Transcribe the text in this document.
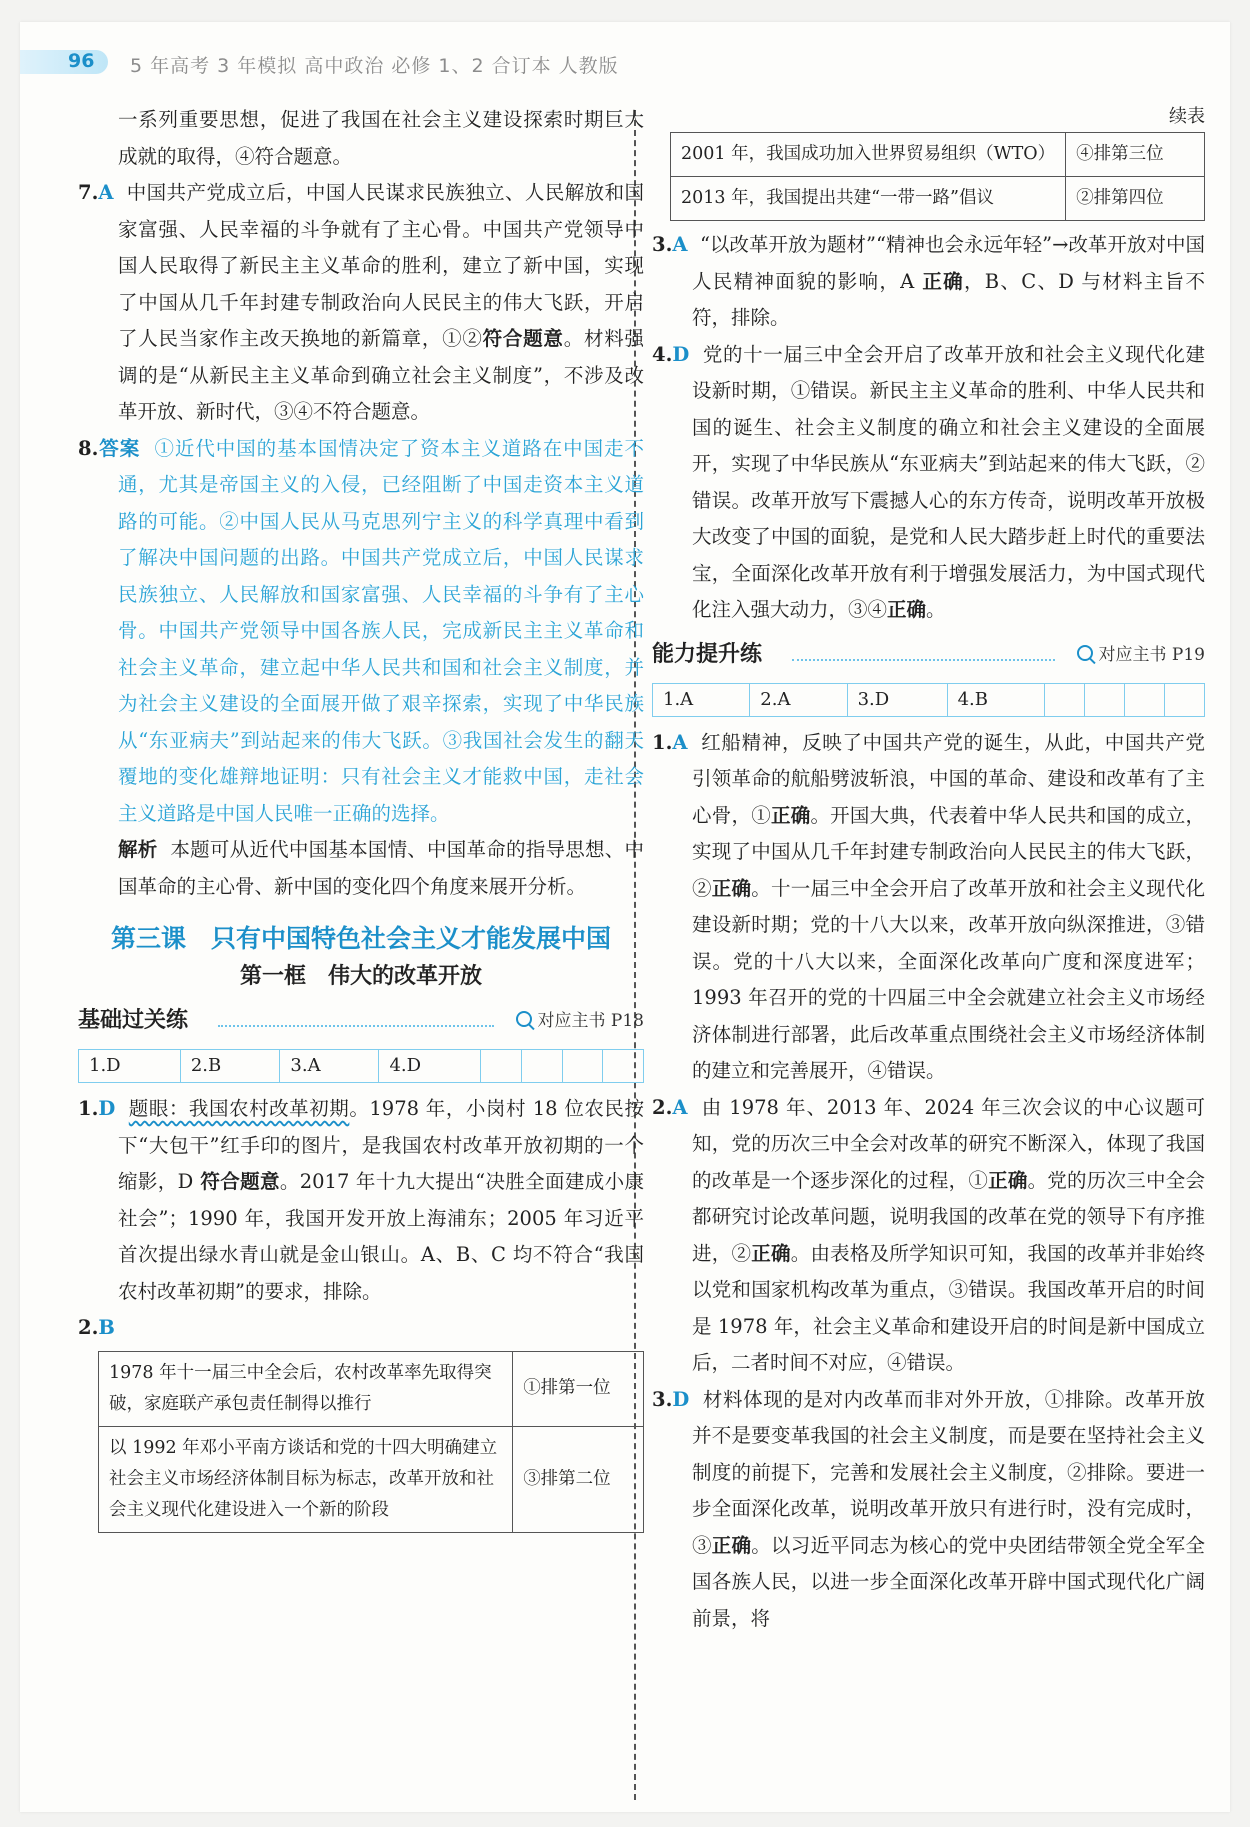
96 5 年高考 3 年模拟 高中政治 必修 1、2 合订本 人教版

一系列重要思想，促进了我国在社会主义建设探索时期巨大成就的取得，④符合题意。

7.A 中国共产党成立后，中国人民谋求民族独立、人民解放和国家富强、人民幸福的斗争就有了主心骨。中国共产党领导中国人民取得了新民主主义革命的胜利，建立了新中国，实现了中国从几千年封建专制政治向人民民主的伟大飞跃，开启了人民当家作主改天换地的新篇章，①②符合题意。材料强调的是“从新民主主义革命到确立社会主义制度”，不涉及改革开放、新时代，③④不符合题意。

8.答案 ①近代中国的基本国情决定了资本主义道路在中国走不通，尤其是帝国主义的入侵，已经阻断了中国走资本主义道路的可能。②中国人民从马克思列宁主义的科学真理中看到了解决中国问题的出路。中国共产党成立后，中国人民谋求民族独立、人民解放和国家富强、人民幸福的斗争有了主心骨。中国共产党领导中国各族人民，完成新民主主义革命和社会主义革命，建立起中华人民共和国和社会主义制度，并为社会主义建设的全面展开做了艰辛探索，实现了中华民族从“东亚病夫”到站起来的伟大飞跃。③我国社会发生的翻天覆地的变化雄辩地证明：只有社会主义才能救中国，走社会主义道路是中国人民唯一正确的选择。

解析 本题可从近代中国基本国情、中国革命的指导思想、中国革命的主心骨、新中国的变化四个角度来展开分析。

第三课　只有中国特色社会主义才能发展中国
第一框　伟大的改革开放
基础过关练	对应主书 P18
1.D	2.B	3.A	4.D				

1.D 题眼：我国农村改革初期。1978 年，小岗村 18 位农民按下“大包干”红手印的图片，是我国农村改革开放初期的一个缩影，D 符合题意。2017 年十九大提出“决胜全面建成小康社会”；1990 年，我国开发开放上海浦东；2005 年习近平首次提出绿水青山就是金山银山。A、B、C 均不符合“我国农村改革初期”的要求，排除。

2.B

1978 年十一届三中全会后，农村改革率先取得突破，家庭联产承包责任制得以推行	①排第一位
以 1992 年邓小平南方谈话和党的十四大明确建立社会主义市场经济体制目标为标志，改革开放和社会主义现代化建设进入一个新的阶段	③排第二位
续表
2001 年，我国成功加入世界贸易组织（WTO）	④排第三位
2013 年，我国提出共建“一带一路”倡议	②排第四位

3.A “以改革开放为题材”“精神也会永远年轻”→改革开放对中国人民精神面貌的影响，A 正确，B、C、D 与材料主旨不符，排除。

4.D 党的十一届三中全会开启了改革开放和社会主义现代化建设新时期，①错误。新民主主义革命的胜利、中华人民共和国的诞生、社会主义制度的确立和社会主义建设的全面展开，实现了中华民族从“东亚病夫”到站起来的伟大飞跃，②错误。改革开放写下震撼人心的东方传奇，说明改革开放极大改变了中国的面貌，是党和人民大踏步赶上时代的重要法宝，全面深化改革开放有利于增强发展活力，为中国式现代化注入强大动力，③④正确。

能力提升练	对应主书 P19
1.A	2.A	3.D	4.B				

1.A 红船精神，反映了中国共产党的诞生，从此，中国共产党引领革命的航船劈波斩浪，中国的革命、建设和改革有了主心骨，①正确。开国大典，代表着中华人民共和国的成立，实现了中国从几千年封建专制政治向人民民主的伟大飞跃，②正确。十一届三中全会开启了改革开放和社会主义现代化建设新时期；党的十八大以来，改革开放向纵深推进，③错误。党的十八大以来，全面深化改革向广度和深度进军；1993 年召开的党的十四届三中全会就建立社会主义市场经济体制进行部署，此后改革重点围绕社会主义市场经济体制的建立和完善展开，④错误。

2.A 由 1978 年、2013 年、2024 年三次会议的中心议题可知，党的历次三中全会对改革的研究不断深入，体现了我国的改革是一个逐步深化的过程，①正确。党的历次三中全会都研究讨论改革问题，说明我国的改革在党的领导下有序推进，②正确。由表格及所学知识可知，我国的改革并非始终以党和国家机构改革为重点，③错误。我国改革开启的时间是 1978 年，社会主义革命和建设开启的时间是新中国成立后，二者时间不对应，④错误。

3.D 材料体现的是对内改革而非对外开放，①排除。改革开放并不是要变革我国的社会主义制度，而是要在坚持社会主义制度的前提下，完善和发展社会主义制度，②排除。要进一步全面深化改革，说明改革开放只有进行时，没有完成时，③正确。以习近平同志为核心的党中央团结带领全党全军全国各族人民，以进一步全面深化改革开辟中国式现代化广阔前景，将
